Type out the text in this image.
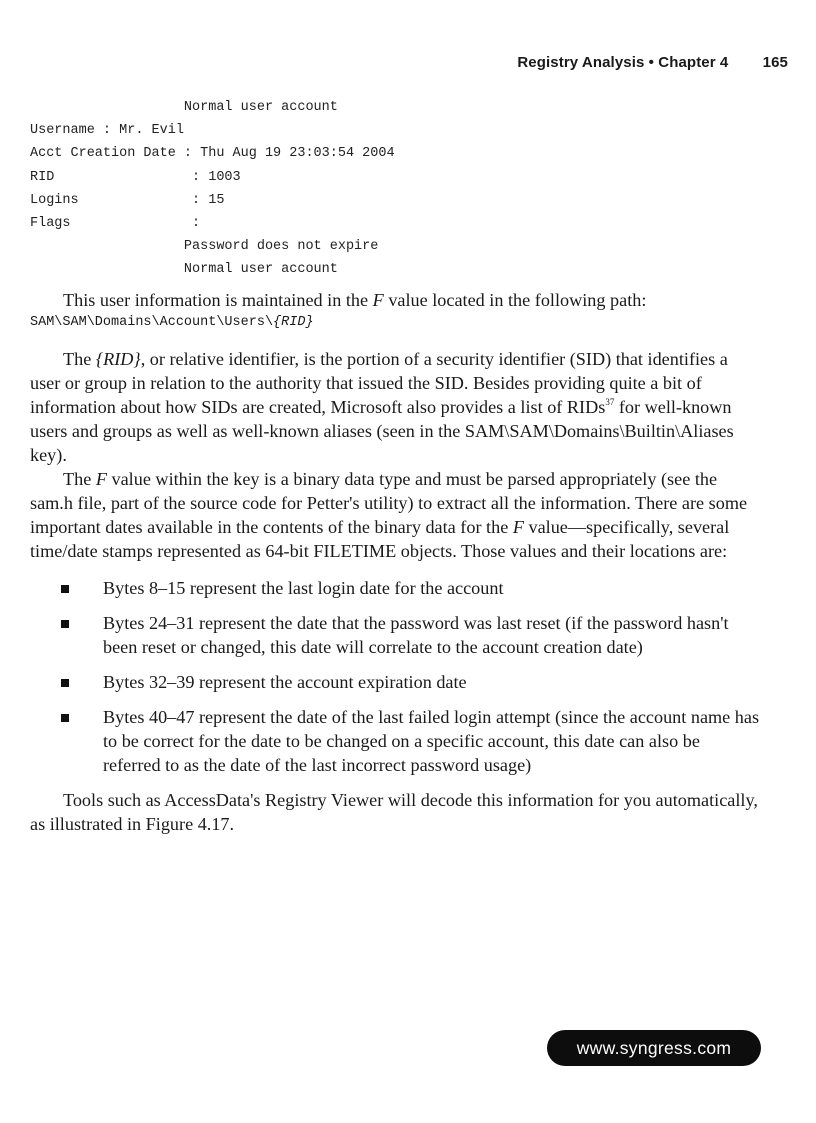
Registry Analysis • Chapter 4 165
Normal user account
Username : Mr. Evil
Acct Creation Date : Thu Aug 19 23:03:54 2004
RID                 : 1003
Logins              : 15
Flags               :
Password does not expire
Normal user account

This user information is maintained in the F value located in the following path:

SAM\SAM\Domains\Account\Users\{RID}

The {RID}, or relative identifier, is the portion of a security identifier (SID) that identifies a user or group in relation to the authority that issued the SID. Besides providing quite a bit of information about how SIDs are created, Microsoft also provides a list of RIDs$^{37}$ for well-known users and groups as well as well-known aliases (seen in the SAM\SAM\Domains\Builtin\Aliases key).

The F value within the key is a binary data type and must be parsed appropriately (see the sam.h file, part of the source code for Petter's utility) to extract all the information. There are some important dates available in the contents of the binary data for the F value—specifically, several time/date stamps represented as 64-bit FILETIME objects. Those values and their locations are:

Bytes 8–15 represent the last login date for the account
Bytes 24–31 represent the date that the password was last reset (if the password hasn't been reset or changed, this date will correlate to the account creation date)
Bytes 32–39 represent the account expiration date
Bytes 40–47 represent the date of the last failed login attempt (since the account name has to be correct for the date to be changed on a specific account, this date can also be referred to as the date of the last incorrect password usage)

Tools such as AccessData's Registry Viewer will decode this information for you automatically, as illustrated in Figure 4.17.

www.syngress.com
